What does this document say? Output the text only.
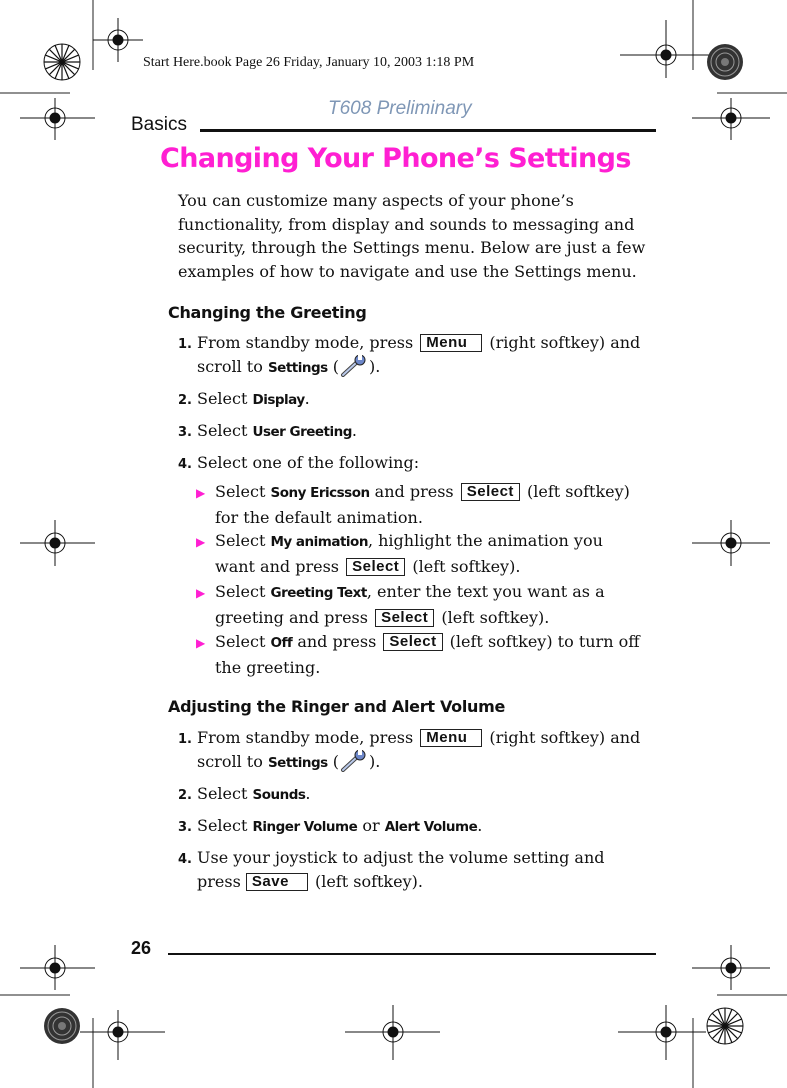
Start Here.book Page 26 Friday, January 10, 2003 1:18 PM
T608 Preliminary
Basics
Changing Your Phone’s Settings

You can customize many aspects of your phone’s functionality, from display and sounds to messaging and security, through the Settings menu. Below are just a few examples of how to navigate and use the Settings menu.

Changing the Greeting
1. From standby mode, press Menu (right softkey) and scroll to Settings ( ).
2. Select Display.
3. Select User Greeting.
4. Select one of the following:
▶ Select Sony Ericsson and press Select (left softkey) for the default animation.
▶ Select My animation, highlight the animation you want and press Select (left softkey).
▶ Select Greeting Text, enter the text you want as a greeting and press Select (left softkey).
▶ Select Off and press Select (left softkey) to turn off the greeting.
Adjusting the Ringer and Alert Volume
1. From standby mode, press Menu (right softkey) and scroll to Settings ( ).
2. Select Sounds.
3. Select Ringer Volume or Alert Volume.
4. Use your joystick to adjust the volume setting and press Save (left softkey).
26
